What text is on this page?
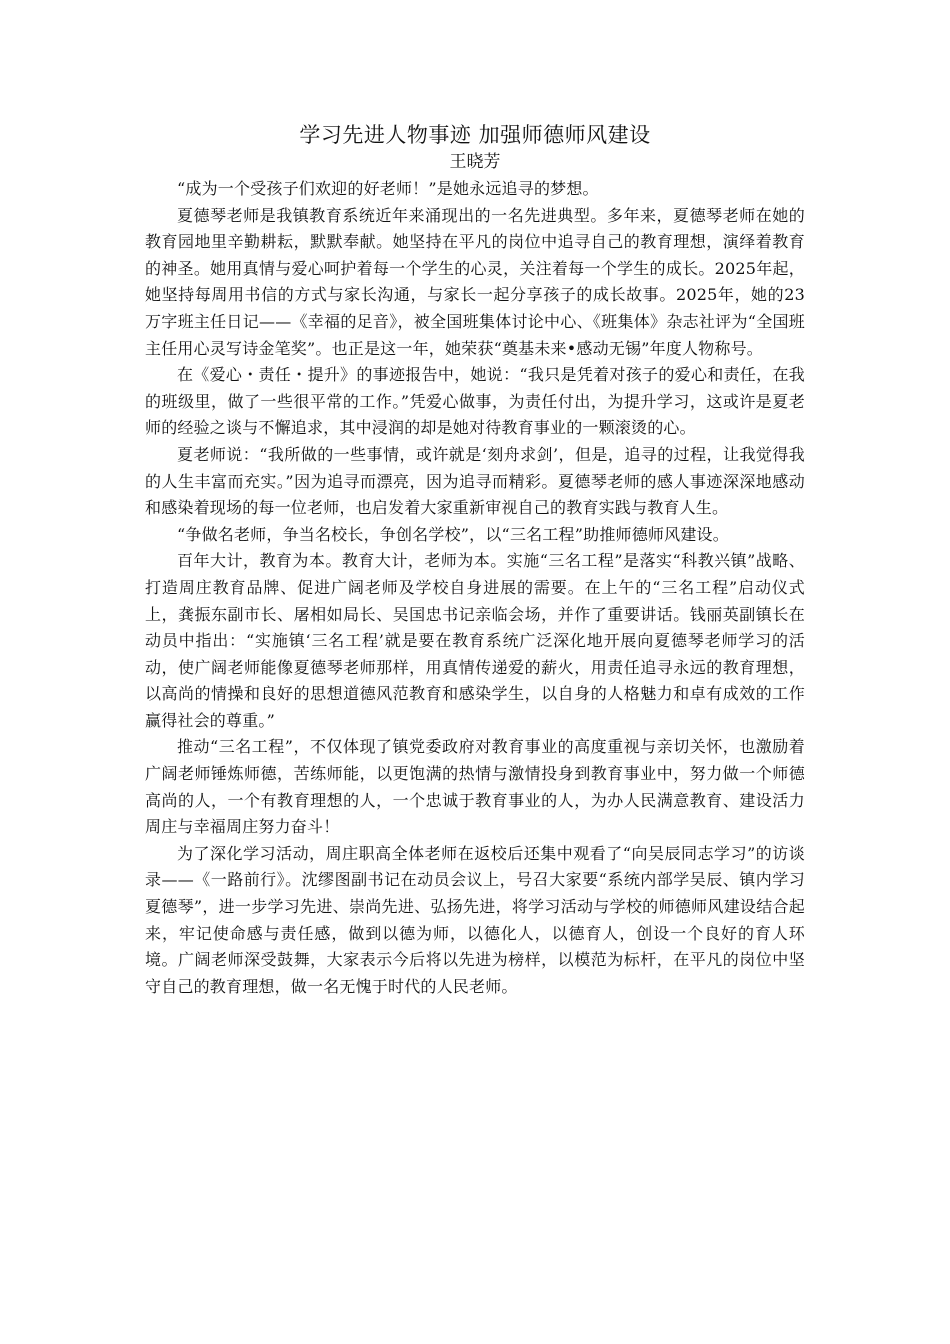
学习先进人物事迹 加强师德师风建设
王晓芳

“成为一个受孩子们欢迎的好老师！”是她永远追寻的梦想。

夏德琴老师是我镇教育系统近年来涌现出的一名先进典型。多年来，夏德琴老师在她的教育园地里辛勤耕耘，默默奉献。她坚持在平凡的岗位中追寻自己的教育理想，演绎着教育的神圣。她用真情与爱心呵护着每一个学生的心灵，关注着每一个学生的成长。2025年起，她坚持每周用书信的方式与家长沟通，与家长一起分享孩子的成长故事。2025年，她的23万字班主任日记——《幸福的足音》，被全国班集体讨论中心、《班集体》杂志社评为“全国班主任用心灵写诗金笔奖”。也正是这一年，她荣获“奠基未来•感动无锡”年度人物称号。

在《爱心・责任・提升》的事迹报告中，她说：“我只是凭着对孩子的爱心和责任，在我的班级里，做了一些很平常的工作。”凭爱心做事，为责任付出，为提升学习，这或许是夏老师的经验之谈与不懈追求，其中浸润的却是她对待教育事业的一颗滚烫的心。

夏老师说：“我所做的一些事情，或许就是‘刻舟求剑’，但是，追寻的过程，让我觉得我的人生丰富而充实。”因为追寻而漂亮，因为追寻而精彩。夏德琴老师的感人事迹深深地感动和感染着现场的每一位老师，也启发着大家重新审视自己的教育实践与教育人生。

“争做名老师，争当名校长，争创名学校”，以“三名工程”助推师德师风建设。

百年大计，教育为本。教育大计，老师为本。实施“三名工程”是落实“科教兴镇”战略、打造周庄教育品牌、促进广阔老师及学校自身进展的需要。在上午的“三名工程”启动仪式上，龚振东副市长、屠相如局长、吴国忠书记亲临会场，并作了重要讲话。钱丽英副镇长在动员中指出：“实施镇‘三名工程’就是要在教育系统广泛深化地开展向夏德琴老师学习的活动，使广阔老师能像夏德琴老师那样，用真情传递爱的薪火，用责任追寻永远的教育理想，以高尚的情操和良好的思想道德风范教育和感染学生，以自身的人格魅力和卓有成效的工作赢得社会的尊重。”

推动“三名工程”，不仅体现了镇党委政府对教育事业的高度重视与亲切关怀，也激励着广阔老师锤炼师德，苦练师能，以更饱满的热情与激情投身到教育事业中，努力做一个师德高尚的人，一个有教育理想的人，一个忠诚于教育事业的人，为办人民满意教育、建设活力周庄与幸福周庄努力奋斗！

为了深化学习活动，周庄职高全体老师在返校后还集中观看了“向吴辰同志学习”的访谈录——《一路前行》。沈缪图副书记在动员会议上，号召大家要“系统内部学吴辰、镇内学习夏德琴”，进一步学习先进、崇尚先进、弘扬先进，将学习活动与学校的师德师风建设结合起来，牢记使命感与责任感，做到以德为师，以德化人，以德育人，创设一个良好的育人环境。广阔老师深受鼓舞，大家表示今后将以先进为榜样，以模范为标杆，在平凡的岗位中坚守自己的教育理想，做一名无愧于时代的人民老师。
